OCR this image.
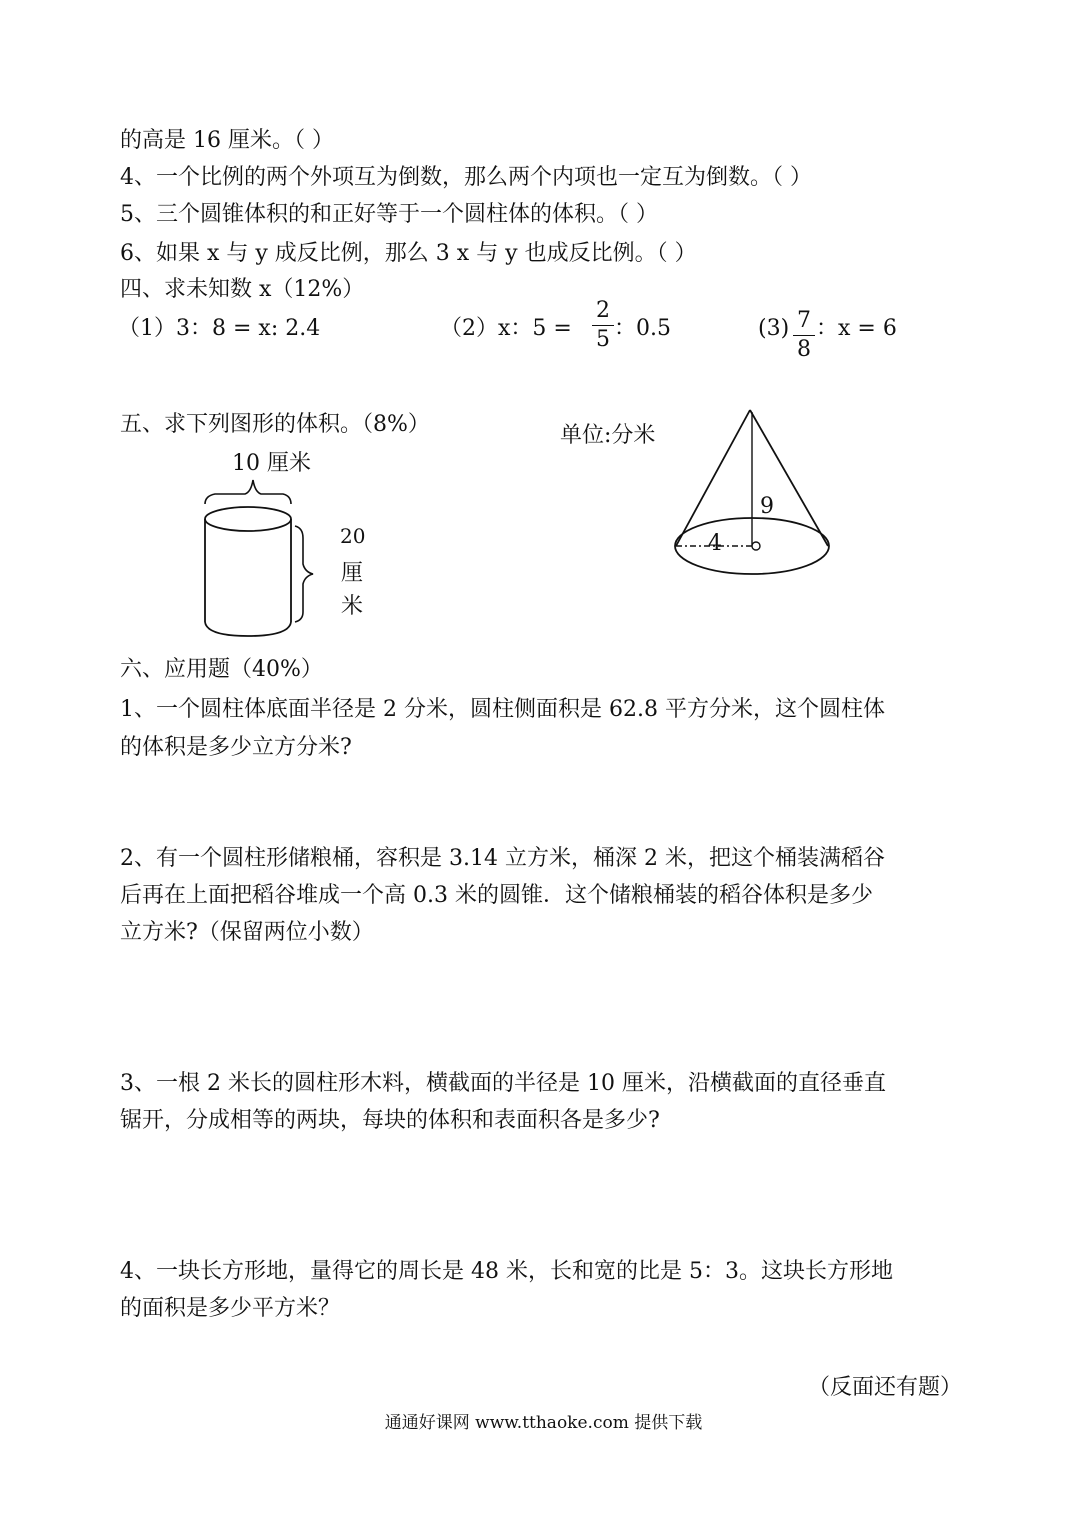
的高是 16 厘米。（ ）
4、一个比例的两个外项互为倒数，那么两个内项也一定互为倒数。（ ）
5、三个圆锥体积的和正好等于一个圆柱体的体积。（ ）
6、如果 x 与 y 成反比例，那么 3 x 与 y 也成反比例。（ ）
四、求未知数 x（12%）
（1）3：8 = x: 2.4	（2）x：5 =
2
5 ：0.5	(3) 7
8
：x = 6
五、求下列图形的体积。（8%）	单位:分米
10 厘米
20
厘
米
9
4
六、应用题（40%）
1、一个圆柱体底面半径是 2 分米，圆柱侧面积是 62.8 平方分米，这个圆柱体
的体积是多少立方分米?
2、有一个圆柱形储粮桶，容积是 3.14 立方米，桶深 2 米，把这个桶装满稻谷
后再在上面把稻谷堆成一个高 0.3 米的圆锥．这个储粮桶装的稻谷体积是多少
立方米?（保留两位小数）
3、一根 2 米长的圆柱形木料，横截面的半径是 10 厘米，沿横截面的直径垂直
锯开，分成相等的两块，每块的体积和表面积各是多少?
4、一块长方形地，量得它的周长是 48 米，长和宽的比是 5：3。这块长方形地
的面积是多少平方米？
（反面还有题）
通通好课网 www.tthaoke.com 提供下载
